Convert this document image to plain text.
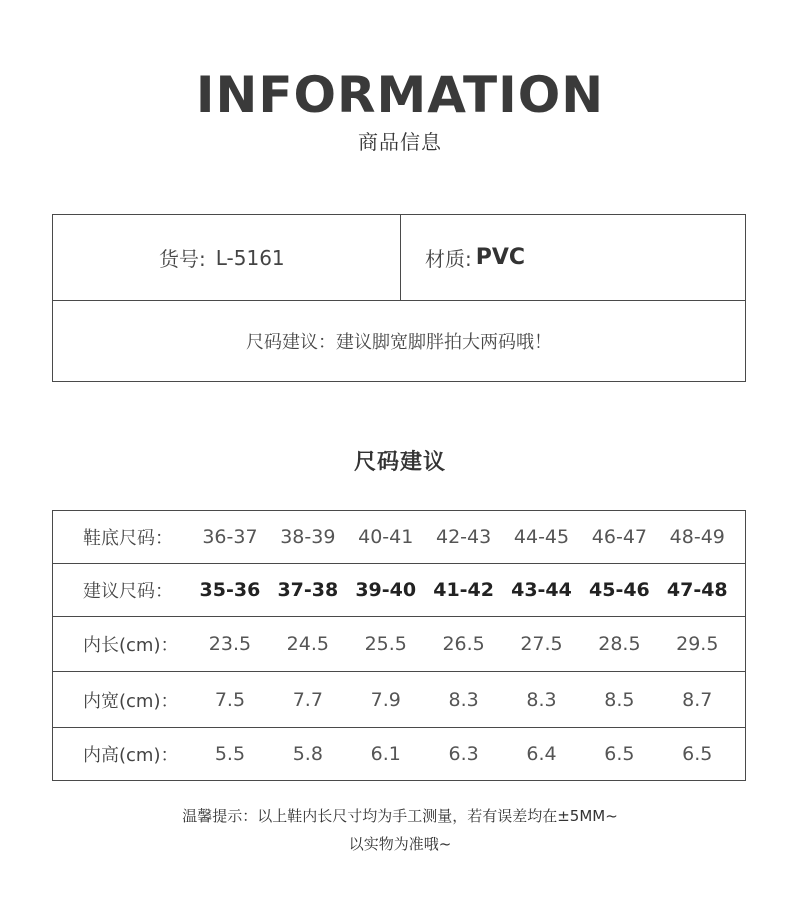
INFORMATION
商品信息
货号: L-5161	材质: PVC
尺码建议：建议脚宽脚胖拍大两码哦！
尺码建议
鞋底尺码：	36-37	38-39	40-41	42-43	44-45	46-47	48-49
建议尺码：	35-36 37-38 39-40 41-42 43-44 45-46 47-48
内长(cm)：	23.5	24.5	25.5	26.5	27.5	28.5	29.5
内宽(cm)：	7.5	7.7	7.9	8.3	8.3	8.5	8.7
内高(cm)：	5.5	5.8	6.1	6.3	6.4	6.5	6.5
温馨提示：以上鞋内长尺寸均为手工测量，若有误差均在±5MM~
以实物为准哦~
